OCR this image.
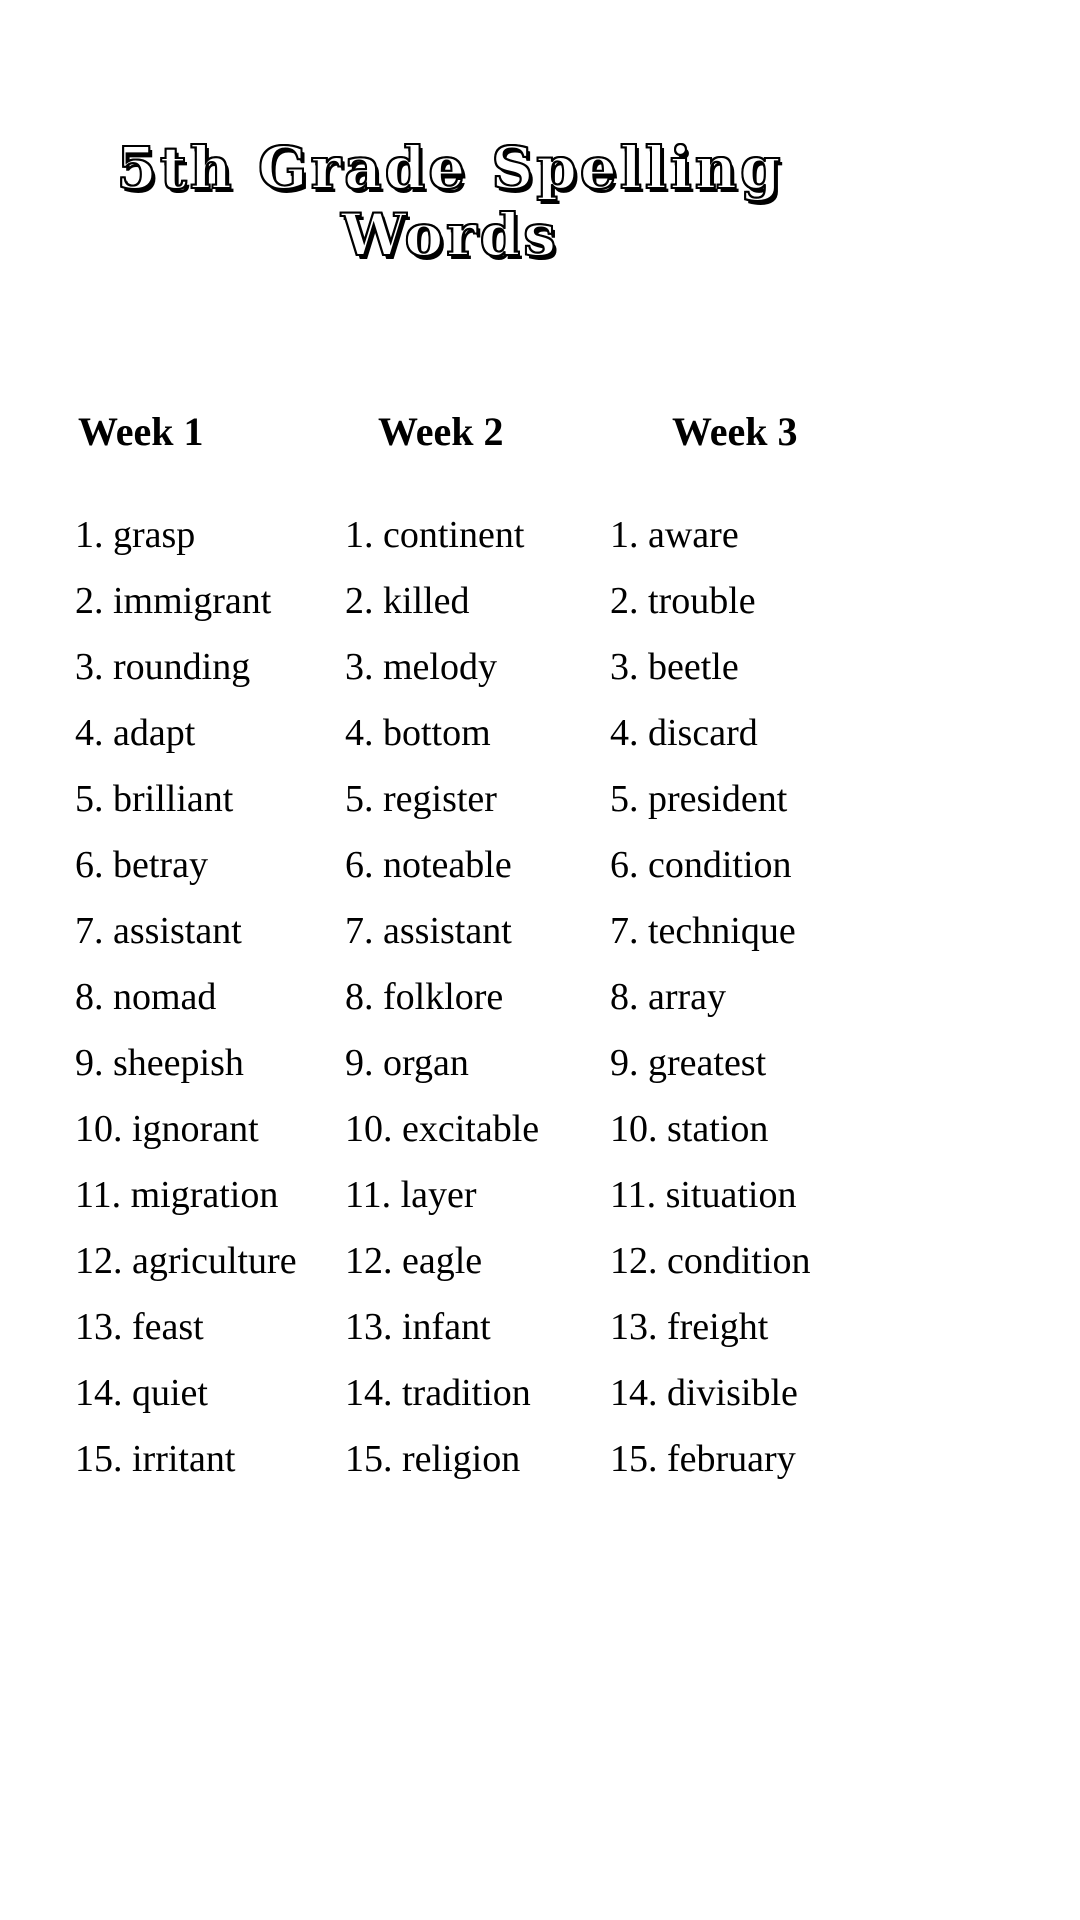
5th Grade Spelling Words
Week 1
1. grasp
2. immigrant
3. rounding
4. adapt
5. brilliant
6. betray
7. assistant
8. nomad
9. sheepish
10. ignorant
11. migration
12. agriculture
13. feast
14. quiet
15. irritant
Week 2
1. continent
2. killed
3. melody
4. bottom
5. register
6. noteable
7. assistant
8. folklore
9. organ
10. excitable
11. layer
12. eagle
13. infant
14. tradition
15. religion
Week 3
1. aware
2. trouble
3. beetle
4. discard
5. president
6. condition
7. technique
8. array
9. greatest
10. station
11. situation
12. condition
13. freight
14. divisible
15. february
